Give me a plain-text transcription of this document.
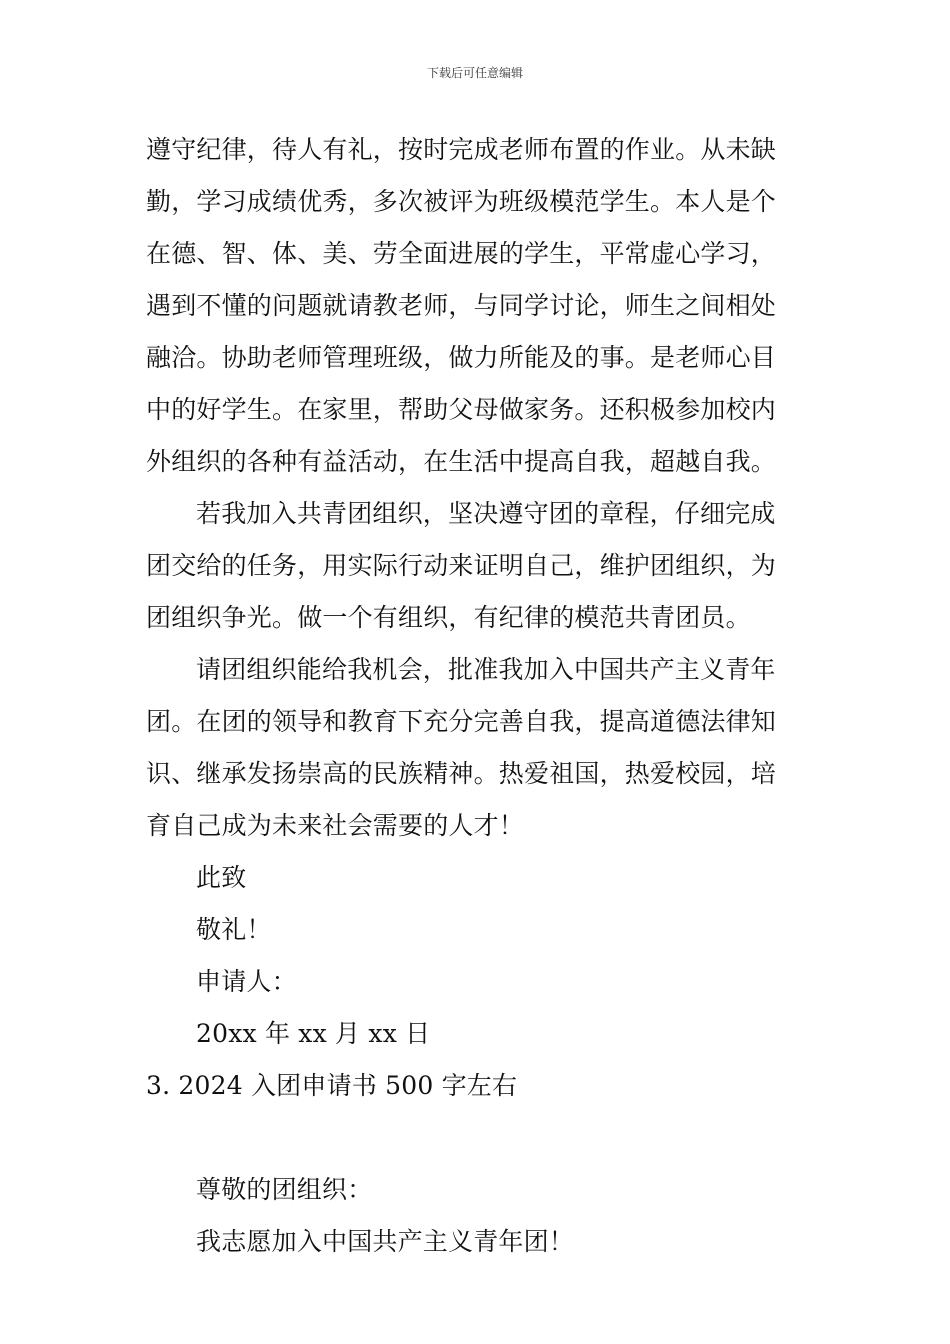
下载后可任意编辑
遵守纪律，待人有礼，按时完成老师布置的作业。从未缺
勤，学习成绩优秀，多次被评为班级模范学生。本人是个
在德、智、体、美、劳全面进展的学生，平常虚心学习，
遇到不懂的问题就请教老师，与同学讨论，师生之间相处
融洽。协助老师管理班级，做力所能及的事。是老师心目
中的好学生。在家里，帮助父母做家务。还积极参加校内
外组织的各种有益活动，在生活中提高自我，超越自我。
若我加入共青团组织，坚决遵守团的章程，仔细完成
团交给的任务，用实际行动来证明自己，维护团组织，为
团组织争光。做一个有组织，有纪律的模范共青团员。
请团组织能给我机会，批准我加入中国共产主义青年
团。在团的领导和教育下充分完善自我，提高道德法律知
识、继承发扬崇高的民族精神。热爱祖国，热爱校园，培
育自己成为未来社会需要的人才！
此致
敬礼！
申请人：
20xx 年 xx 月 xx 日
3. 2024 入团申请书 500 字左右
尊敬的团组织：
我志愿加入中国共产主义青年团！
